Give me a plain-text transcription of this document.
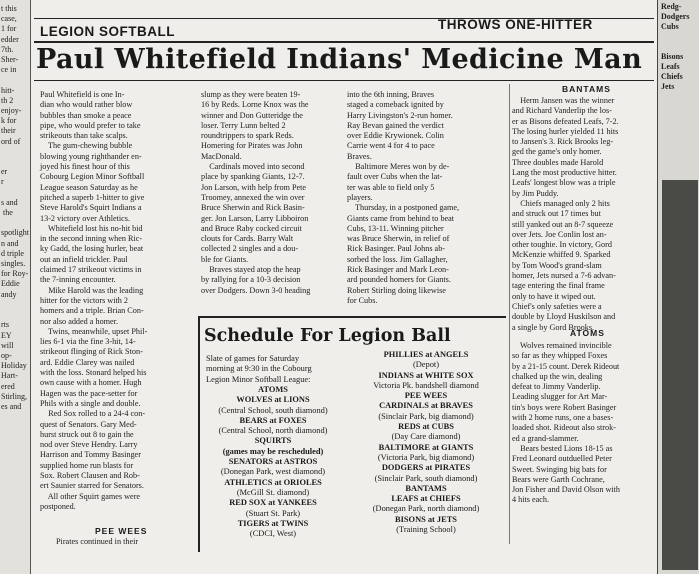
t this
case,
1 for
edder
7th.
Sher-
ce in

hitt-
th 2
enjoy-
k for
their
ord of

er
r

s and
the

spotlight
n and
d triple
singles.
for Roy-
Eddie
andy

rts
EY
will
op-
Holiday
Hart-
ered
Stirling,
es and
Redg-
Dodgers
Cubs

Bisons
Leafs
Chiefs
Jets
LEGION SOFTBALL	THROWS ONE-HITTER
Paul Whitefield Indians' Medicine Man
Paul Whitefield is one In-
dian who would rather blow
bubbles than smoke a peace
pipe, who would prefer to take
strikeouts than take scalps.
The gum-chewing bubble
blowing young righthander en-
joyed his finest hour of this
Cobourg Legion Minor Softball
League season Saturday as he
pitched a superb 1-hitter to give
Steve Harold's Squirt Indians a
13-2 victory over Athletics.
Whitefield lost his no-hit bid
in the second inning when Ric-
ky Gadd, the losing hurler, beat
out an infield trickler. Paul
claimed 17 strikeout victims in
the 7-inning encounter.
Mike Harold was the leading
hitter for the victors with 2
homers and a triple. Brian Con-
nor also added a homer.
Twins, meanwhile, upset Phil-
lies 6-1 via the fine 3-hit, 14-
strikeout flinging of Rick Ston-
ard. Eddie Clarey was nailed
with the loss. Stonard helped his
own cause with a homer. Hugh
Hagen was the pace-setter for
Phils with a single and double.
Red Sox rolled to a 24-4 con-
quest of Senators. Gary Med-
hurst struck out 8 to gain the
nod over Steve Hendry. Larry
Harrison and Tommy Basinger
supplied home run blasts for
Sox. Robert Clausen and Rob-
ert Saunier starred for Senators.
All other Squirt games were
postponed.
PEE WEES
Pirates continued in their
slump as they were beaten 19-
16 by Reds. Lorne Knox was the
winner and Don Gutteridge the
loser. Terry Lunn belted 2
roundtrippers to spark Reds.
Homering for Pirates was John
MacDonald.
Cardinals moved into second
place by spanking Giants, 12-7.
Jon Larson, with help from Pete
Troomey, annexed the win over
Bruce Sherwin and Rick Basin-
ger. Jon Larson, Larry Libboiron
and Bruce Raby cocked circuit
clouts for Cards. Barry Walt
collected 2 singles and a dou-
ble for Giants.
Braves stayed atop the heap
by rallying for a 10-3 decision
over Dodgers. Down 3-0 heading
into the 6th inning, Braves
staged a comeback ignited by
Harry Livingston's 2-run homer.
Ray Bevan gained the verdict
over Eddie Krywionek. Colin
Carrie went 4 for 4 to pace
Braves.
Baltimore Meres won by de-
fault over Cubs when the lat-
ter was able to field only 5
players.
Thursday, in a postponed game,
Giants came from behind to beat
Cubs, 13-11. Winning pitcher
was Bruce Sherwin, in relief of
Rick Basinger. Paul Johns ab-
sorbed the loss. Jim Gallagher,
Rick Basinger and Mark Leon-
ard pounded homers for Giants.
Robert Stirling doing likewise
for Cubs.
BANTAMS
Herm Jansen was the winner
and Richard Vanderlip the los-
er as Bisons defeated Leafs, 7-2.
The losing hurler yielded 11 hits
to Jansen's 3. Rick Brooks leg-
ged the game's only homer.
Three doubles made Harold
Lang the most productive hitter.
Leafs' longest blow was a triple
by Jim Puddy.
Chiefs managed only 2 hits
and struck out 17 times but
still yanked out an 8-7 squeeze
over Jets. Joe Conlin lost an-
other toughie. In victory, Gord
McKenzie whiffed 9. Sparked
by Tom Wood's grand-slam
homer, Jets nursed a 7-6 advan-
tage entering the final frame
only to have it wiped out.
Chief's only safeties were a
double by Lloyd Huskilson and
a single by Gord Brooks.
ATOMS
Wolves remained invincible
so far as they whipped Foxes
by a 21-15 count. Derek Rideout
chalked up the win, dealing
defeat to Jimmy Vanderlip.
Leading slugger for Art Mar-
tin's boys were Robert Basinger
with 2 home runs, one a bases-
loaded shot. Rideout also strok-
ed a grand-slammer.
Bears bested Lions 18-15 as
Fred Leonard outduelled Peter
Sweet. Swinging big bats for
Bears were Garth Cochrane,
Jon Fisher and David Olson with
4 hits each.
Schedule For Legion Ball
Slate of games for Saturday
morning at 9:30 in the Cobourg
Legion Minor Softball League:
ATOMS
WOLVES at LIONS
(Central School, south diamond)
BEARS at FOXES
(Central School, north diamond)
SQUIRTS
(games may be rescheduled)
SENATORS at ASTROS
(Donegan Park, west diamond)
ATHLETICS at ORIOLES
(McGill St. diamond)
RED SOX at YANKEES
(Stuart St. Park)
TIGERS at TWINS
(CDCI, West)
PHILLIES at ANGELS
(Depot)
INDIANS at WHITE SOX
Victoria Pk. bandshell diamond
PEE WEES
CARDINALS at BRAVES
(Sinclair Park, big diamond)
REDS at CUBS
(Day Care diamond)
BALTIMORE at GIANTS
(Victoria Park, big diamond)
DODGERS at PIRATES
(Sinclair Park, south diamond)
BANTAMS
LEAFS at CHIEFS
(Donegan Park, north diamond)
BISONS at JETS
(Training School)
